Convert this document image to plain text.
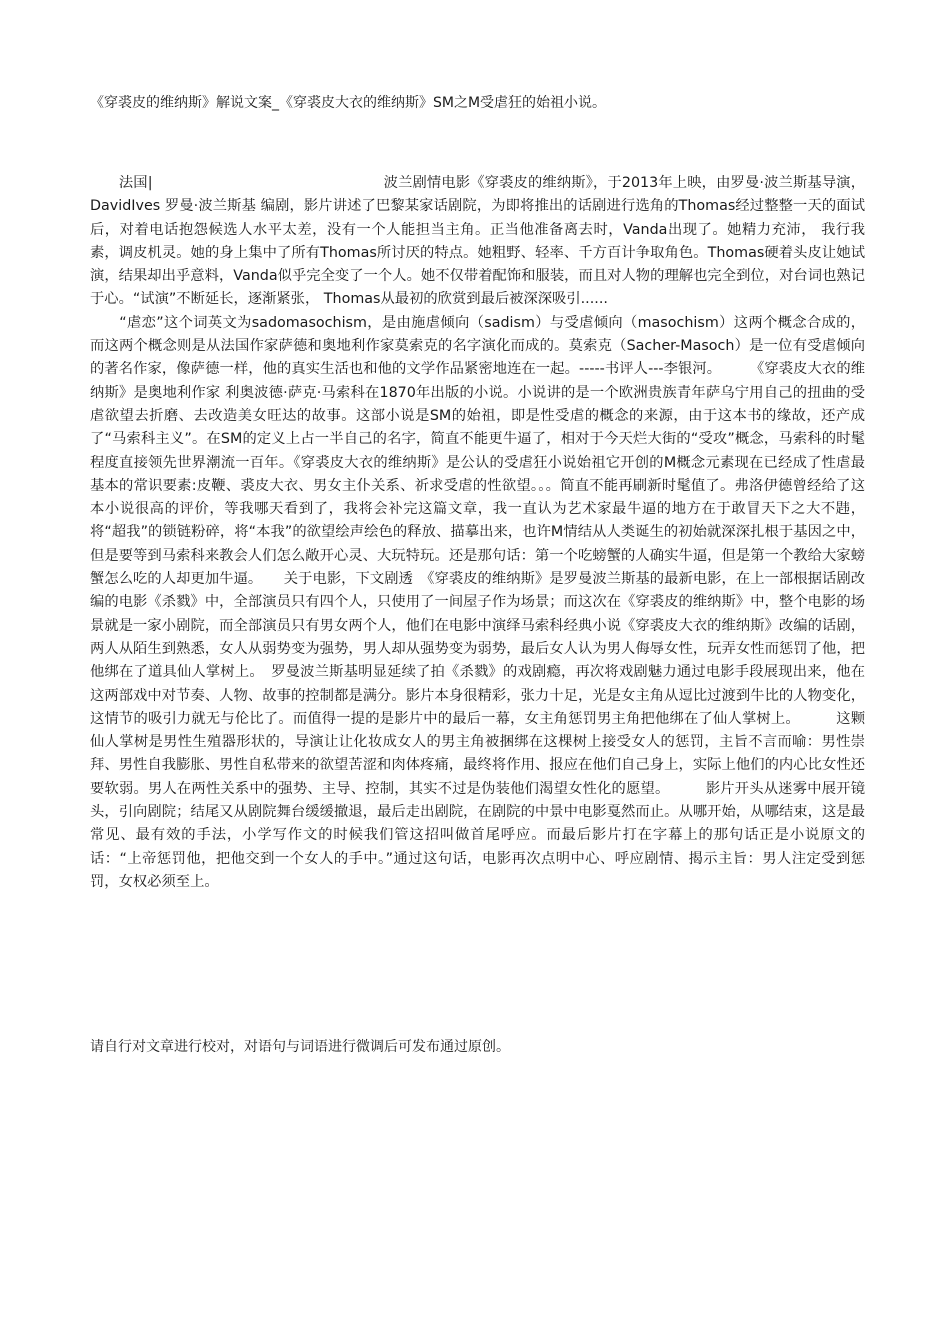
《穿裘皮的维纳斯》解说文案_《穿裘皮大衣的维纳斯》SM之M受虐狂的始祖小说。

　　法国|　　　　　　　　　　　　　　　　波兰剧情电影《穿裘皮的维纳斯》，于2013年上映，由罗曼·波兰斯基导演，DavidIves 罗曼·波兰斯基 编剧，影片讲述了巴黎某家话剧院，为即将推出的话剧进行选角的Thomas经过整整一天的面试后，对着电话抱怨候选人水平太差，没有一个人能担当主角。正当他准备离去时，Vanda出现了。她精力充沛， 我行我素，调皮机灵。她的身上集中了所有Thomas所讨厌的特点。她粗野、轻率、千方百计争取角色。Thomas硬着头皮让她试演，结果却出乎意料，Vanda似乎完全变了一个人。她不仅带着配饰和服装，而且对人物的理解也完全到位，对台词也熟记于心。“试演”不断延长，逐渐紧张， Thomas从最初的欣赏到最后被深深吸引......

　　“虐恋”这个词英文为sadomasochism，是由施虐倾向（sadism）与受虐倾向（masochism）这两个概念合成的，而这两个概念则是从法国作家萨德和奥地利作家莫索克的名字演化而成的。莫索克（Sacher-Masoch）是一位有受虐倾向的著名作家，像萨德一样，他的真实生活也和他的文学作品紧密地连在一起。-----书评人---李银河。　　　《穿裘皮大衣的维纳斯》是奥地利作家 利奥波德·萨克·马索科在1870年出版的小说。小说讲的是一个欧洲贵族青年萨乌宁用自己的扭曲的受虐欲望去折磨、去改造美女旺达的故事。这部小说是SM的始祖，即是性受虐的概念的来源，由于这本书的缘故，还产成了“马索科主义”。在SM的定义上占一半自己的名字，简直不能更牛逼了，相对于今天烂大街的“受攻”概念，马索科的时髦程度直接领先世界潮流一百年。《穿裘皮大衣的维纳斯》是公认的受虐狂小说始祖它开创的M概念元素现在已经成了性虐最基本的常识要素:皮鞭、裘皮大衣、男女主仆关系、祈求受虐的性欲望。。。简直不能再刷新时髦值了。弗洛伊德曾经给了这本小说很高的评价，等我哪天看到了，我将会补完这篇文章，我一直认为艺术家最牛逼的地方在于敢冒天下之大不韪，将“超我”的锁链粉碎，将“本我”的欲望绘声绘色的释放、描摹出来，也许M情结从人类诞生的初始就深深扎根于基因之中，但是要等到马索科来教会人们怎么敞开心灵、大玩特玩。还是那句话：第一个吃螃蟹的人确实牛逼，但是第一个教给大家螃蟹怎么吃的人却更加牛逼。　　关于电影，下文剧透　《穿裘皮的维纳斯》是罗曼波兰斯基的最新电影，在上一部根据话剧改编的电影《杀戮》中，全部演员只有四个人，只使用了一间屋子作为场景；而这次在《穿裘皮的维纳斯》中，整个电影的场景就是一家小剧院，而全部演员只有男女两个人，他们在电影中演绎马索科经典小说《穿裘皮大衣的维纳斯》改编的话剧，两人从陌生到熟悉，女人从弱势变为强势，男人却从强势变为弱势，最后女人认为男人侮辱女性，玩弄女性而惩罚了他，把他绑在了道具仙人掌树上。　罗曼波兰斯基明显延续了拍《杀戮》的戏剧瘾，再次将戏剧魅力通过电影手段展现出来，他在这两部戏中对节奏、人物、故事的控制都是满分。影片本身很精彩，张力十足，光是女主角从逗比过渡到牛比的人物变化，这情节的吸引力就无与伦比了。而值得一提的是影片中的最后一幕，女主角惩罚男主角把他绑在了仙人掌树上。　　　这颗仙人掌树是男性生殖器形状的，导演让让化妆成女人的男主角被捆绑在这棵树上接受女人的惩罚，主旨不言而喻：男性崇拜、男性自我膨胀、男性自私带来的欲望苦涩和肉体疼痛，最终将作用、报应在他们自己身上，实际上他们的内心比女性还要软弱。男人在两性关系中的强势、主导、控制，其实不过是伪装他们渴望女性化的愿望。　　　影片开头从迷雾中展开镜头，引向剧院；结尾又从剧院舞台缓缓撤退，最后走出剧院，在剧院的中景中电影戛然而止。从哪开始，从哪结束，这是最常见、最有效的手法，小学写作文的时候我们管这招叫做首尾呼应。而最后影片打在字幕上的那句话正是小说原文的话：“上帝惩罚他，把他交到一个女人的手中。”通过这句话，电影再次点明中心、呼应剧情、揭示主旨：男人注定受到惩罚，女权必须至上。

请自行对文章进行校对，对语句与词语进行微调后可发布通过原创。
